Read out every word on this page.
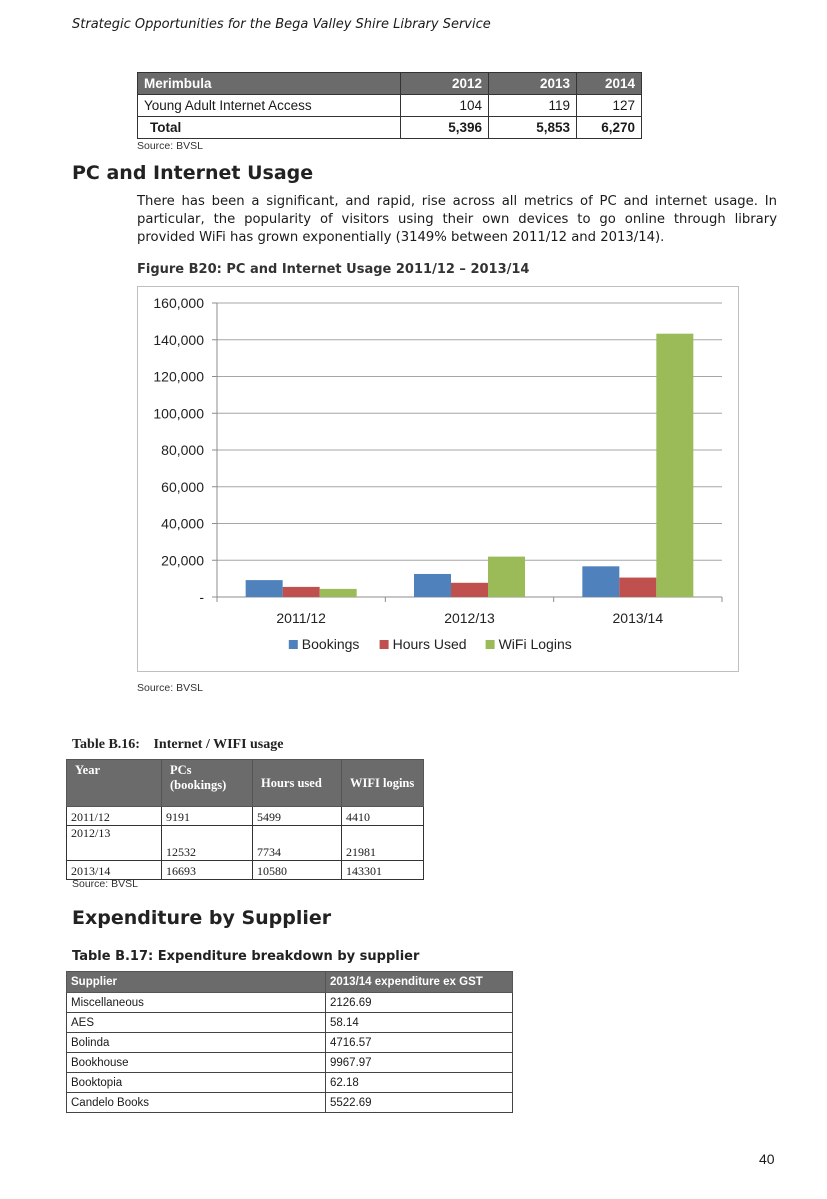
Strategic Opportunities for the Bega Valley Shire Library Service
Merimbula	2012	2013	2014
Young Adult Internet Access	104	119	127
Total	5,396	5,853	6,270
Source: BVSL
PC and Internet Usage
There has been a significant, and rapid, rise across all metrics of PC and internet usage. In particular, the popularity of visitors using their own devices to go online through library provided WiFi has grown exponentially (3149% between 2011/12 and 2013/14).
Figure B20: PC and Internet Usage 2011/12 – 2013/14
-
20,000
40,000
60,000
80,000
100,000
120,000
140,000
160,000
2011/12	2012/13	2013/14
Bookings Hours Used WiFi Logins
Source: BVSL
Table B.16: Internet / WIFI usage
Year	PCs (bookings)	Hours used	WIFI logins
2011/12	9191	5499	4410
2012/13	12532	7734	21981
2013/14	16693	10580	143301
Source: BVSL
Expenditure by Supplier
Table B.17: Expenditure breakdown by supplier
Supplier	2013/14 expenditure ex GST
Miscellaneous	2126.69
AES	58.14
Bolinda	4716.57
Bookhouse	9967.97
Booktopia	62.18
Candelo Books	5522.69
40
